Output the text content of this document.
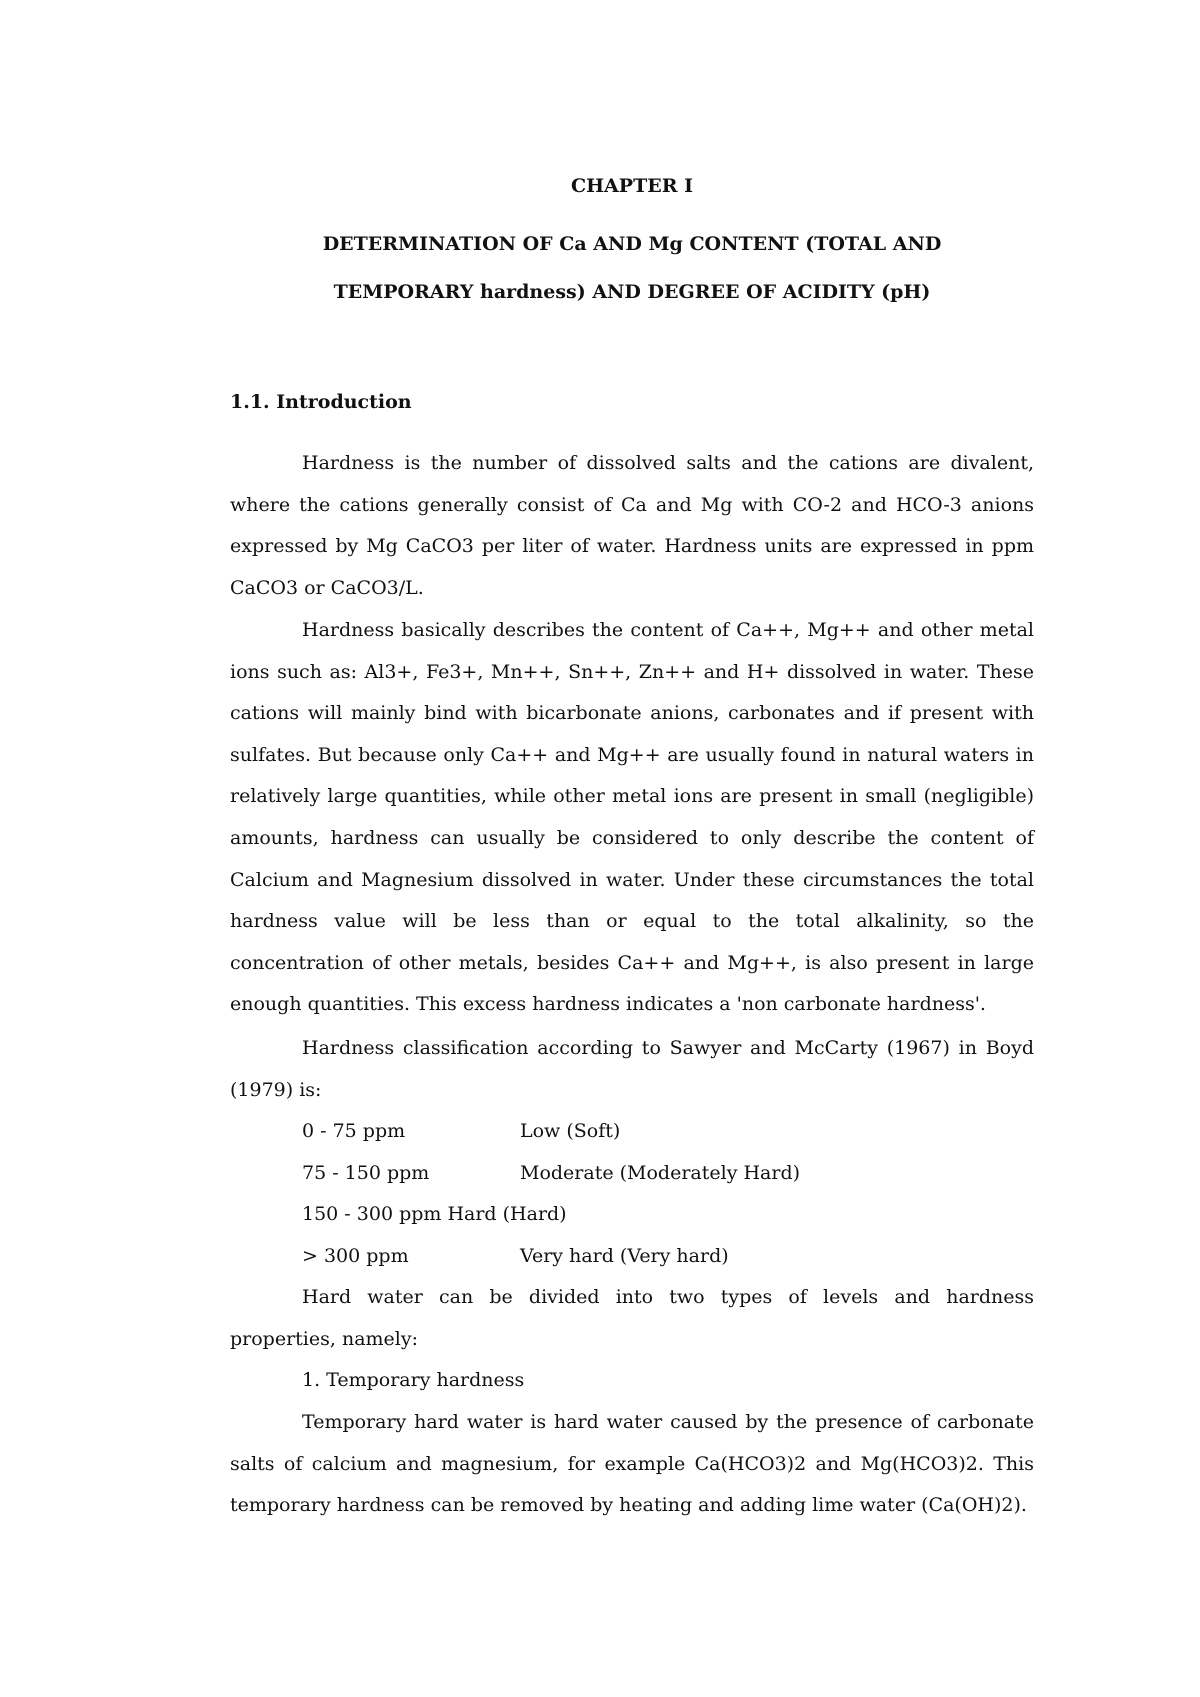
CHAPTER I
DETERMINATION OF Ca AND Mg CONTENT (TOTAL AND
TEMPORARY hardness) AND DEGREE OF ACIDITY (pH)
1.1. Introduction

Hardness is the number of dissolved salts and the cations are divalent, where the cations generally consist of Ca and Mg with CO-2 and HCO-3 anions expressed by Mg CaCO3 per liter of water. Hardness units are expressed in ppm CaCO3 or CaCO3/L.

Hardness basically describes the content of Ca++, Mg++ and other metal ions such as: Al3+, Fe3+, Mn++, Sn++, Zn++ and H+ dissolved in water. These cations will mainly bind with bicarbonate anions, carbonates and if present with sulfates. But because only Ca++ and Mg++ are usually found in natural waters in relatively large quantities, while other metal ions are present in small (negligible) amounts, hardness can usually be considered to only describe the content of Calcium and Magnesium dissolved in water. Under these circumstances the total hardness value will be less than or equal to the total alkalinity, so the concentration of other metals, besides Ca++ and Mg++, is also present in large enough quantities. This excess hardness indicates a 'non carbonate hardness'.

Hardness classification according to Sawyer and McCarty (1967) in Boyd (1979) is:

0 - 75 ppm	Low (Soft)
75 - 150 ppm	Moderate (Moderately Hard)
150 - 300 ppm Hard (Hard)
> 300 ppm	Very hard (Very hard)

Hard water can be divided into two types of levels and hardness properties, namely:

1. Temporary hardness

Temporary hard water is hard water caused by the presence of carbonate salts of calcium and magnesium, for example Ca(HCO3)2 and Mg(HCO3)2. This temporary hardness can be removed by heating and adding lime water (Ca(OH)2).
